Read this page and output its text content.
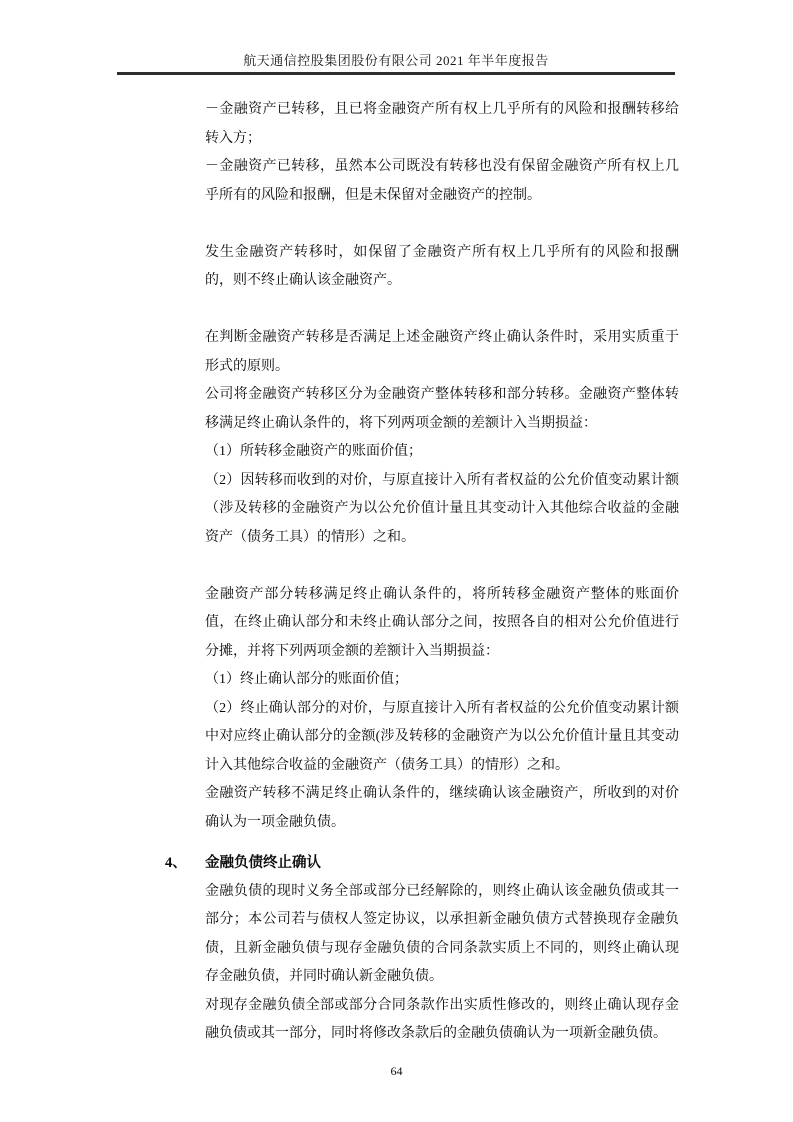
航天通信控股集团股份有限公司 2021 年半年度报告

－金融资产已转移，且已将金融资产所有权上几乎所有的风险和报酬转移给转入方；

－金融资产已转移，虽然本公司既没有转移也没有保留金融资产所有权上几乎所有的风险和报酬，但是未保留对金融资产的控制。

发生金融资产转移时，如保留了金融资产所有权上几乎所有的风险和报酬的，则不终止确认该金融资产。

在判断金融资产转移是否满足上述金融资产终止确认条件时，采用实质重于形式的原则。

公司将金融资产转移区分为金融资产整体转移和部分转移。金融资产整体转移满足终止确认条件的，将下列两项金额的差额计入当期损益：

（1）所转移金融资产的账面价值；

（2）因转移而收到的对价，与原直接计入所有者权益的公允价值变动累计额（涉及转移的金融资产为以公允价值计量且其变动计入其他综合收益的金融资产（债务工具）的情形）之和。

金融资产部分转移满足终止确认条件的，将所转移金融资产整体的账面价值，在终止确认部分和未终止确认部分之间，按照各自的相对公允价值进行分摊，并将下列两项金额的差额计入当期损益：

（1）终止确认部分的账面价值；

（2）终止确认部分的对价，与原直接计入所有者权益的公允价值变动累计额中对应终止确认部分的金额(涉及转移的金融资产为以公允价值计量且其变动计入其他综合收益的金融资产（债务工具）的情形）之和。

金融资产转移不满足终止确认条件的，继续确认该金融资产，所收到的对价确认为一项金融负债。

4、 金融负债终止确认

金融负债的现时义务全部或部分已经解除的，则终止确认该金融负债或其一部分；本公司若与债权人签定协议，以承担新金融负债方式替换现存金融负债，且新金融负债与现存金融负债的合同条款实质上不同的，则终止确认现存金融负债，并同时确认新金融负债。

对现存金融负债全部或部分合同条款作出实质性修改的，则终止确认现存金融负债或其一部分，同时将修改条款后的金融负债确认为一项新金融负债。

64
